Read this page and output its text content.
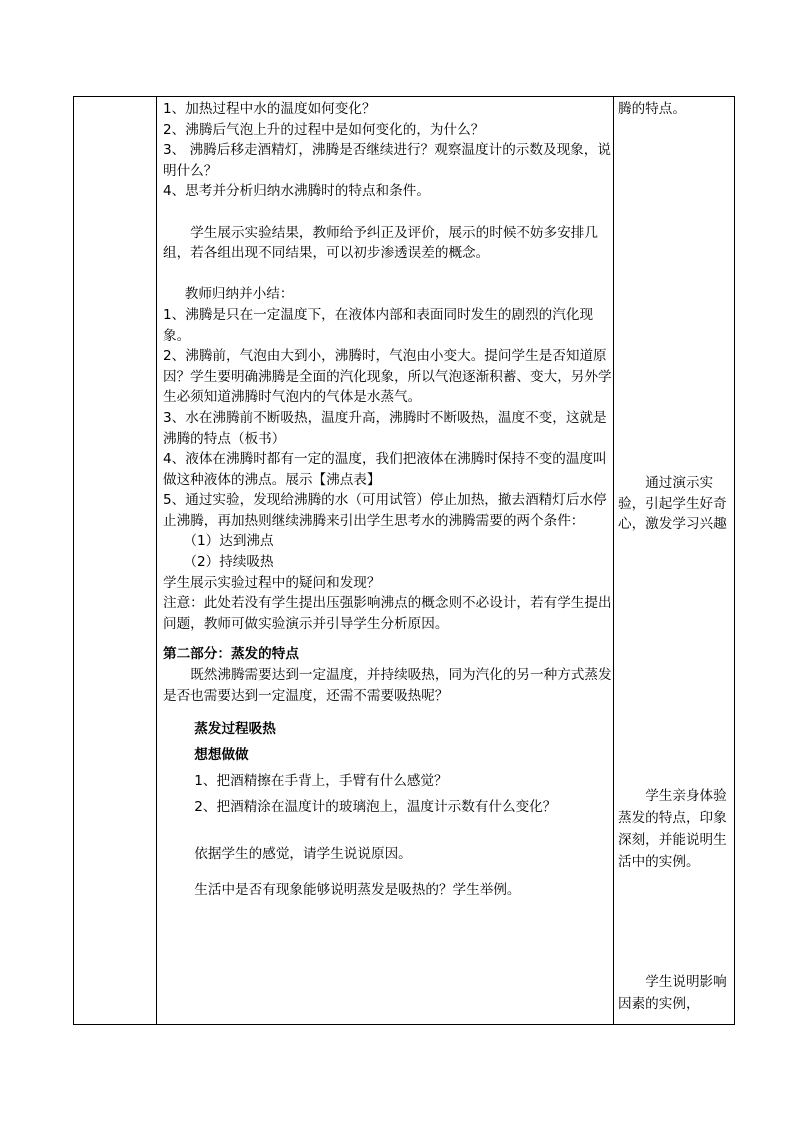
1、加热过程中水的温度如何变化？

2、沸腾后气泡上升的过程中是如何变化的，为什么？

3、 沸腾后移走酒精灯，沸腾是否继续进行？观察温度计的示数及现象，说明什么？

4、思考并分析归纳水沸腾时的特点和条件。

学生展示实验结果，教师给予纠正及评价，展示的时候不妨多安排几组，若各组出现不同结果，可以初步渗透误差的概念。

教师归纳并小结：

1、沸腾是只在一定温度下，在液体内部和表面同时发生的剧烈的汽化现象。

2、沸腾前，气泡由大到小，沸腾时，气泡由小变大。提问学生是否知道原因？学生要明确沸腾是全面的汽化现象，所以气泡逐渐积蓄、变大，另外学生必须知道沸腾时气泡内的气体是水蒸气。

3、水在沸腾前不断吸热，温度升高，沸腾时不断吸热，温度不变，这就是沸腾的特点（板书）

4、液体在沸腾时都有一定的温度，我们把液体在沸腾时保持不变的温度叫做这种液体的沸点。展示【沸点表】

5、通过实验，发现给沸腾的水（可用试管）停止加热，撤去酒精灯后水停止沸腾，再加热则继续沸腾来引出学生思考水的沸腾需要的两个条件：

（1）达到沸点

（2）持续吸热

学生展示实验过程中的疑问和发现？

注意：此处若没有学生提出压强影响沸点的概念则不必设计，若有学生提出问题，教师可做实验演示并引导学生分析原因。

第二部分：蒸发的特点

既然沸腾需要达到一定温度，并持续吸热，同为汽化的另一种方式蒸发是否也需要达到一定温度，还需不需要吸热呢？

蒸发过程吸热

想想做做

1、把酒精擦在手背上，手臂有什么感觉？

2、把酒精涂在温度计的玻璃泡上，温度计示数有什么变化？

依据学生的感觉，请学生说说原因。

生活中是否有现象能够说明蒸发是吸热的？学生举例。

腾的特点。
通过演示实验，引起学生好奇心，激发学习兴趣
学生亲身体验蒸发的特点，印象深刻，并能说明生活中的实例。
学生说明影响因素的实例，
